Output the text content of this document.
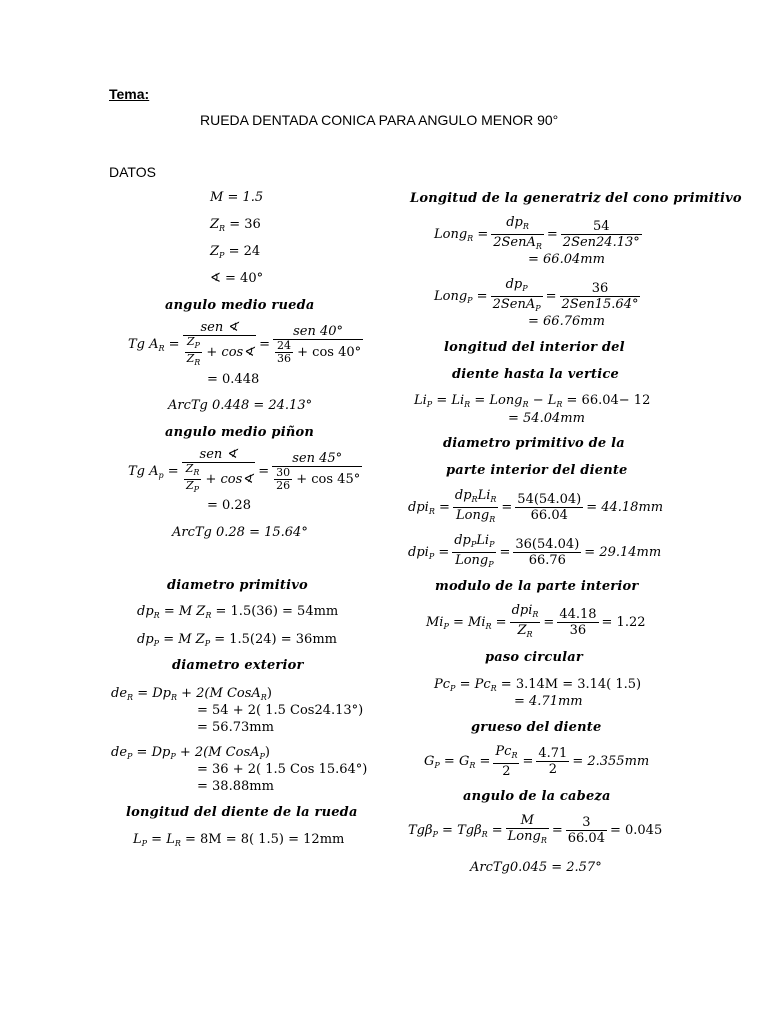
Tema:
RUEDA DENTADA CONICA PARA ANGULO MENOR 90°
DATOS
M = 1.5
$Z_R = 36$
$Z_P = 24$
∢ = 40°
angulo medio rueda
Tg $A_R = \frac{\text{sen ∢}}{\frac{Z_P}{Z_R} + \cos∢} = \frac{\text{sen 40°}}{\frac{24}{36} + \cos 40^\circ}$
= 0.448
ArcTg 0.448 = 24.13°
angulo medio piñon
Tg $A_p = \frac{\text{sen ∢}}{\frac{Z_R}{Z_P} + \cos∢} = \frac{\text{sen 45°}}{\frac{30}{26} + \cos 45^\circ}$
= 0.28
ArcTg 0.28 = 15.64°
diametro primitivo
$dp_R = M$ $Z_R = 1.5(36) = 54mm$
$dp_P = M$ $Z_P = 1.5(24) = 36mm$
diametro exterior
$de_R = Dp_R + 2(M$ CosA$_R$)
= 54 + 2( 1.5 Cos24.13°)
= 56.73mm
$de_P = Dp_P + 2(M$ CosA$_P$)
= 36 + 2( 1.5 Cos 15.64°)
= 38.88mm
longitud del diente de la rueda
$L_P = L_R = 8M = 8$( 1.5) = 12mm
Longitud de la generatriz del cono primitivo
Long$_R$ = $\frac{dp_R}{2SenA_R} = \frac{54}{\text{2Sen24.13°}}$
= 66.04mm
Long$_P$ = $\frac{dp_P}{2SenA_P} = \frac{36}{\text{2Sen15.64°}}$
= 66.76mm
longitud del interior del
diente hasta la vertice
$Li_P = Li_R$ = Long$_R$ − $L_R = 66.04- 12$
= 54.04mm
diametro primitivo de la
parte interior del diente
$dpi_R = \frac{dp_RLi_R}{Long_R} = \frac{54(54.04)}{66.04} = 44.18mm$
$dpi_P = \frac{dp_PLi_P}{Long_P} = \frac{36(54.04)}{66.76} = 29.14mm$
modulo de la parte interior
$Mi_P = Mi_R = \frac{dpi_R}{Z_R} = \frac{44.18}{36} = 1.22$
paso circular
$Pc_P = Pc_R = 3.14M = 3.14$( 1.5)
= 4.71mm
grueso del diente
$G_P = G_R = \frac{Pc_R}{2} = \frac{4.71}{2} = 2.355mm$
angulo de la cabeza
$Tg\beta_P = Tg\beta_R = \frac{M}{Long_R} = \frac{3}{66.04} = 0.045$
ArcTg0.045 = 2.57°
